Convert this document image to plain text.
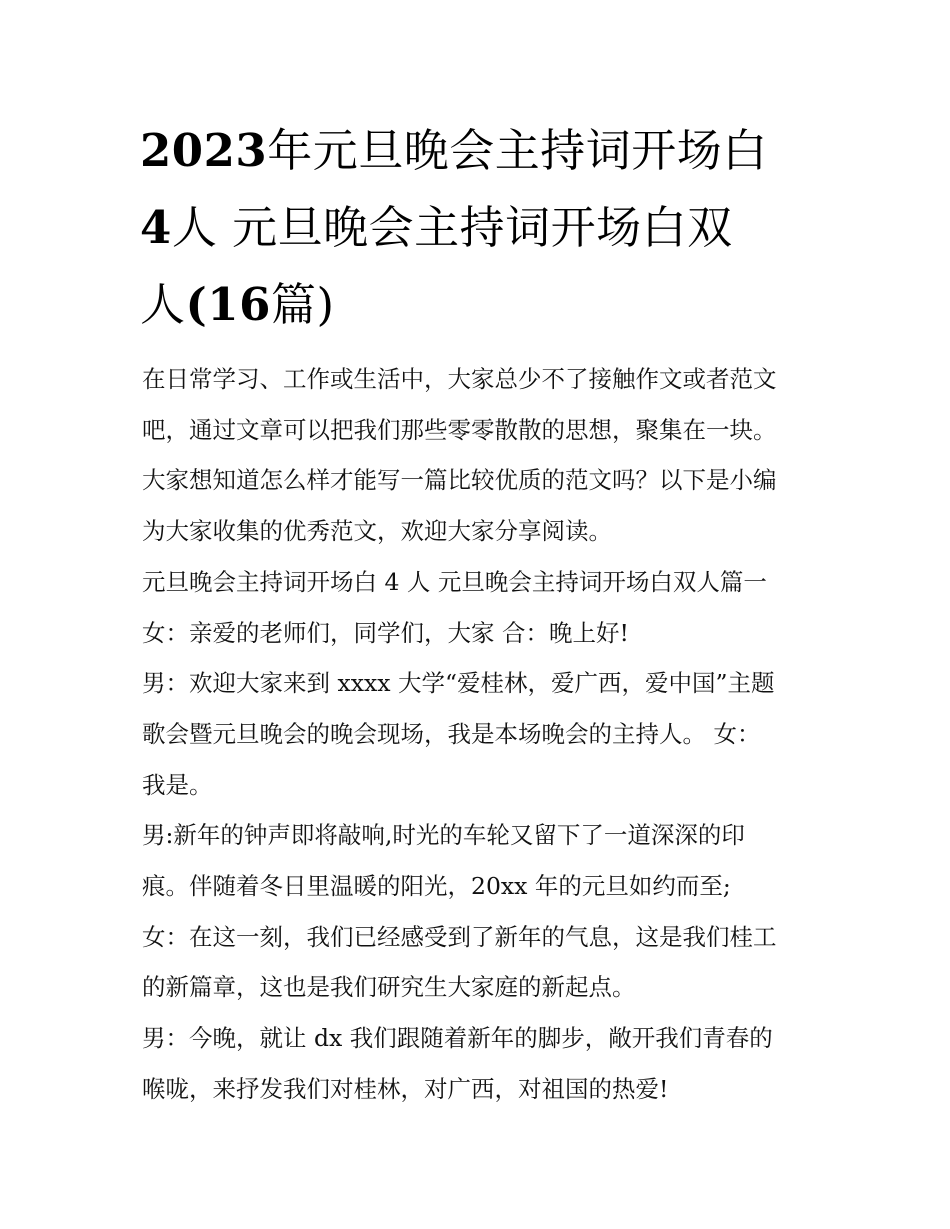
2023年元旦晚会主持词开场白
4人 元旦晚会主持词开场白双
人(16篇)

在日常学习、工作或生活中，大家总少不了接触作文或者范文

吧，通过文章可以把我们那些零零散散的思想，聚集在一块。

大家想知道怎么样才能写一篇比较优质的范文吗？以下是小编

为大家收集的优秀范文，欢迎大家分享阅读。

元旦晚会主持词开场白 4 人 元旦晚会主持词开场白双人篇一

女：亲爱的老师们，同学们，大家 合：晚上好!

男：欢迎大家来到 xxxx 大学“爱桂林，爱广西，爱中国”主题

歌会暨元旦晚会的晚会现场，我是本场晚会的主持人。 女：

我是。

男:新年的钟声即将敲响,时光的车轮又留下了一道深深的印

痕。伴随着冬日里温暖的阳光，20xx 年的元旦如约而至;

女：在这一刻，我们已经感受到了新年的气息，这是我们桂工

的新篇章，这也是我们研究生大家庭的新起点。

男：今晚，就让 dx 我们跟随着新年的脚步，敞开我们青春的

喉咙，来抒发我们对桂林，对广西，对祖国的热爱!
